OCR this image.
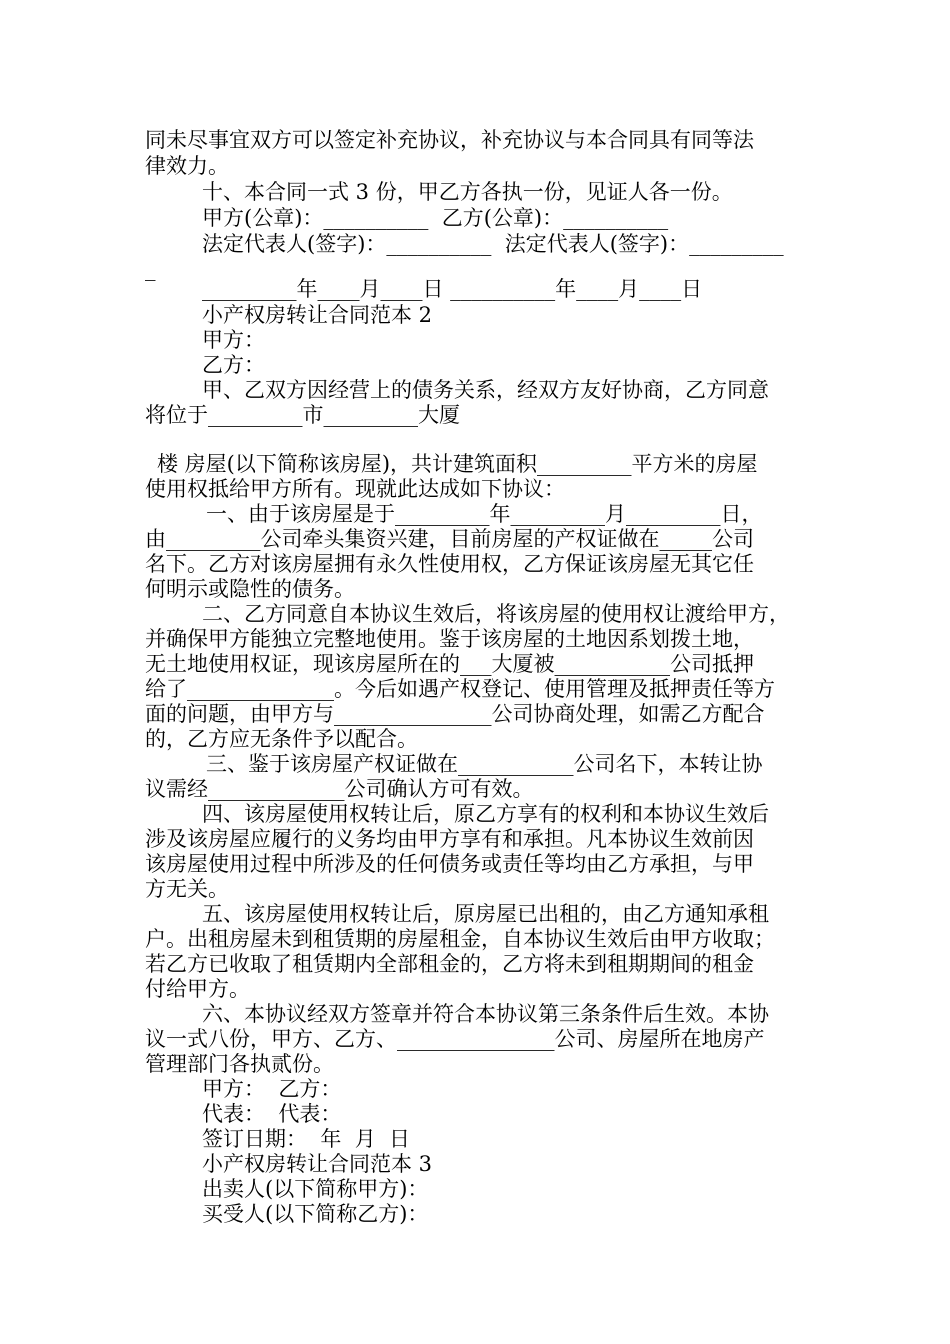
同未尽事宜双方可以签定补充协议，补充协议与本合同具有同等法
律效力。
十、本合同一式 3 份，甲乙方各执一份，见证人各一份。
甲方(公章)：__________  乙方(公章)：__________
法定代表人(签字)：__________  法定代表人(签字)：_________
_
_________年____月____日 __________年____月____日
小产权房转让合同范本 2
甲方：
乙方：
甲、乙双方因经营上的债务关系，经双方友好协商，乙方同意
将位于_________市_________大厦
楼 房屋(以下简称该房屋)，共计建筑面积_________平方米的房屋
使用权抵给甲方所有。现就此达成如下协议：
一、由于该房屋是于_________年_________月_________日，
由_________公司牵头集资兴建，目前房屋的产权证做在_____公司
名下。乙方对该房屋拥有永久性使用权，乙方保证该房屋无其它任
何明示或隐性的债务。
二、乙方同意自本协议生效后，将该房屋的使用权让渡给甲方，
并确保甲方能独立完整地使用。鉴于该房屋的土地因系划拨土地，
无土地使用权证，现该房屋所在的___大厦被___________公司抵押
给了______________。今后如遇产权登记、使用管理及抵押责任等方
面的问题，由甲方与_______________公司协商处理，如需乙方配合
的，乙方应无条件予以配合。
三、鉴于该房屋产权证做在___________公司名下，本转让协
议需经_____________公司确认方可有效。
四、该房屋使用权转让后，原乙方享有的权利和本协议生效后
涉及该房屋应履行的义务均由甲方享有和承担。凡本协议生效前因
该房屋使用过程中所涉及的任何债务或责任等均由乙方承担，与甲
方无关。
五、该房屋使用权转让后，原房屋已出租的，由乙方通知承租
户。出租房屋未到租赁期的房屋租金，自本协议生效后由甲方收取；
若乙方已收取了租赁期内全部租金的，乙方将未到租期期间的租金
付给甲方。
六、本协议经双方签章并符合本协议第三条条件后生效。本协
议一式八份，甲方、乙方、_______________公司、房屋所在地房产
管理部门各执贰份。
甲方：  乙方：
代表：  代表：
签订日期：  年  月  日
小产权房转让合同范本 3
出卖人(以下简称甲方)：
买受人(以下简称乙方)：
